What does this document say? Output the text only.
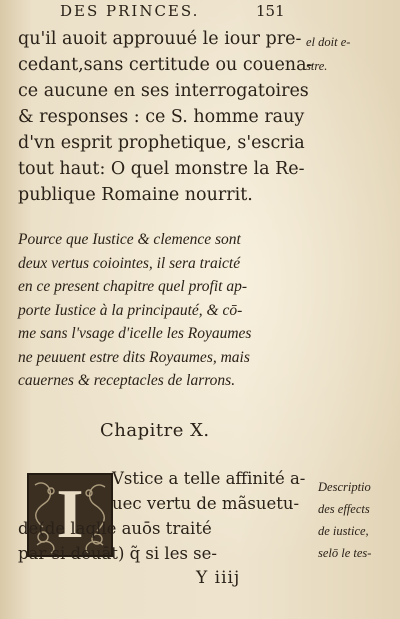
DES PRINCES.	151
qu'il auoit approuué le iour pre-
cedant,sans certitude ou couena-
ce aucune en ses interrogatoires
& responses : ce S. homme rauy
d'vn esprit prophetique, s'escria
tout haut: O quel monstre la Re-
publique Romaine nourrit.
el doit e-
stre.
Pource que Iustice & clemence sont
deux vertus coiointes, il sera traicté
en ce present chapitre quel profit ap-
porte Iustice à la principauté, & cō-
me sans l'vsage d'icelle les Royaumes
ne peuuent estre dits Royaumes, mais
cauernes & receptacles de larrons.
Chapitre X.
I Vstice a telle affinité a-
uec vertu de mãsuetu-
de(de laqlle auōs traité
par si deuāt) q̃ si les se-
Descriptio
des effects
de iustice,
selō le tes-
Y iiij
